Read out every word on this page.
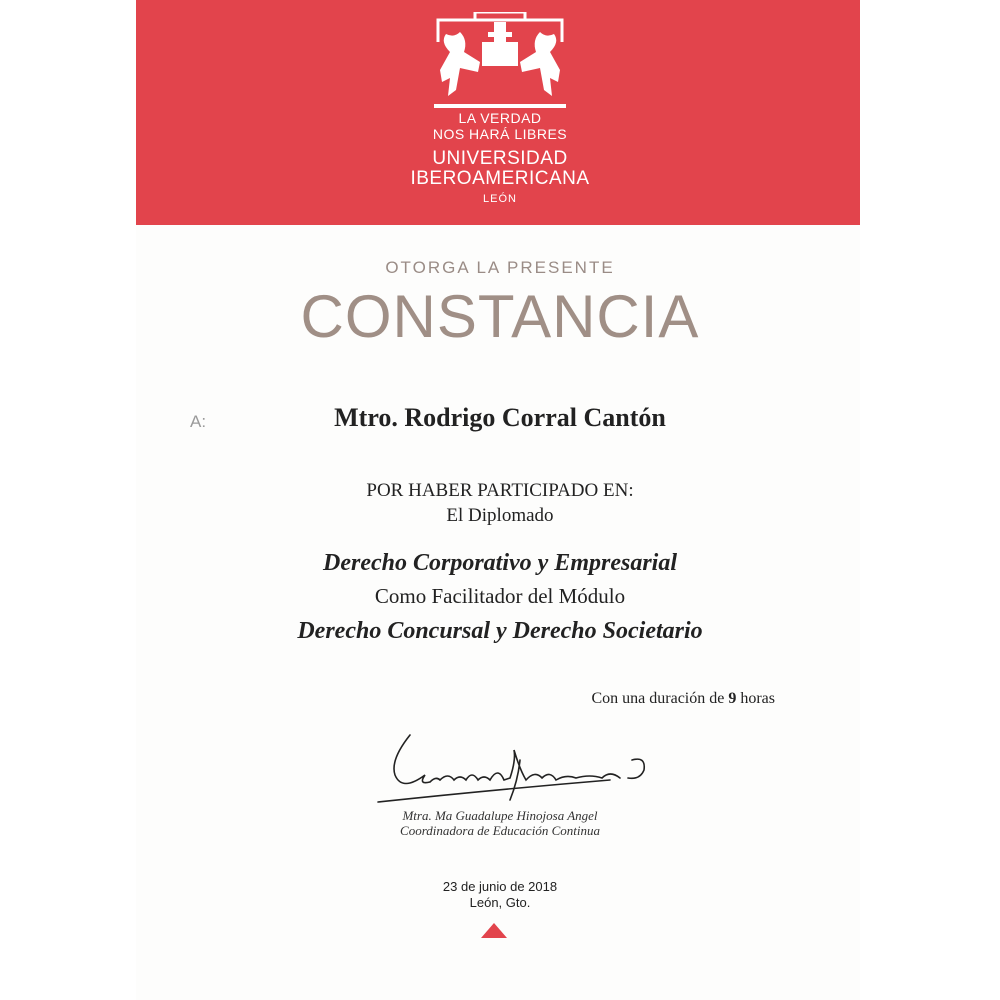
LA VERDAD
NOS HARÁ LIBRES
UNIVERSIDAD
IBEROAMERICANA
LEÓN
OTORGA LA PRESENTE
CONSTANCIA
A:	Mtro. Rodrigo Corral Cantón
POR HABER PARTICIPADO EN:
El Diplomado
Derecho Corporativo y Empresarial
Como Facilitador del Módulo
Derecho Concursal y Derecho Societario
Con una duración de 9 horas
Mtra. Ma Guadalupe Hinojosa Angel
Coordinadora de Educación Continua
23 de junio de 2018
León, Gto.
